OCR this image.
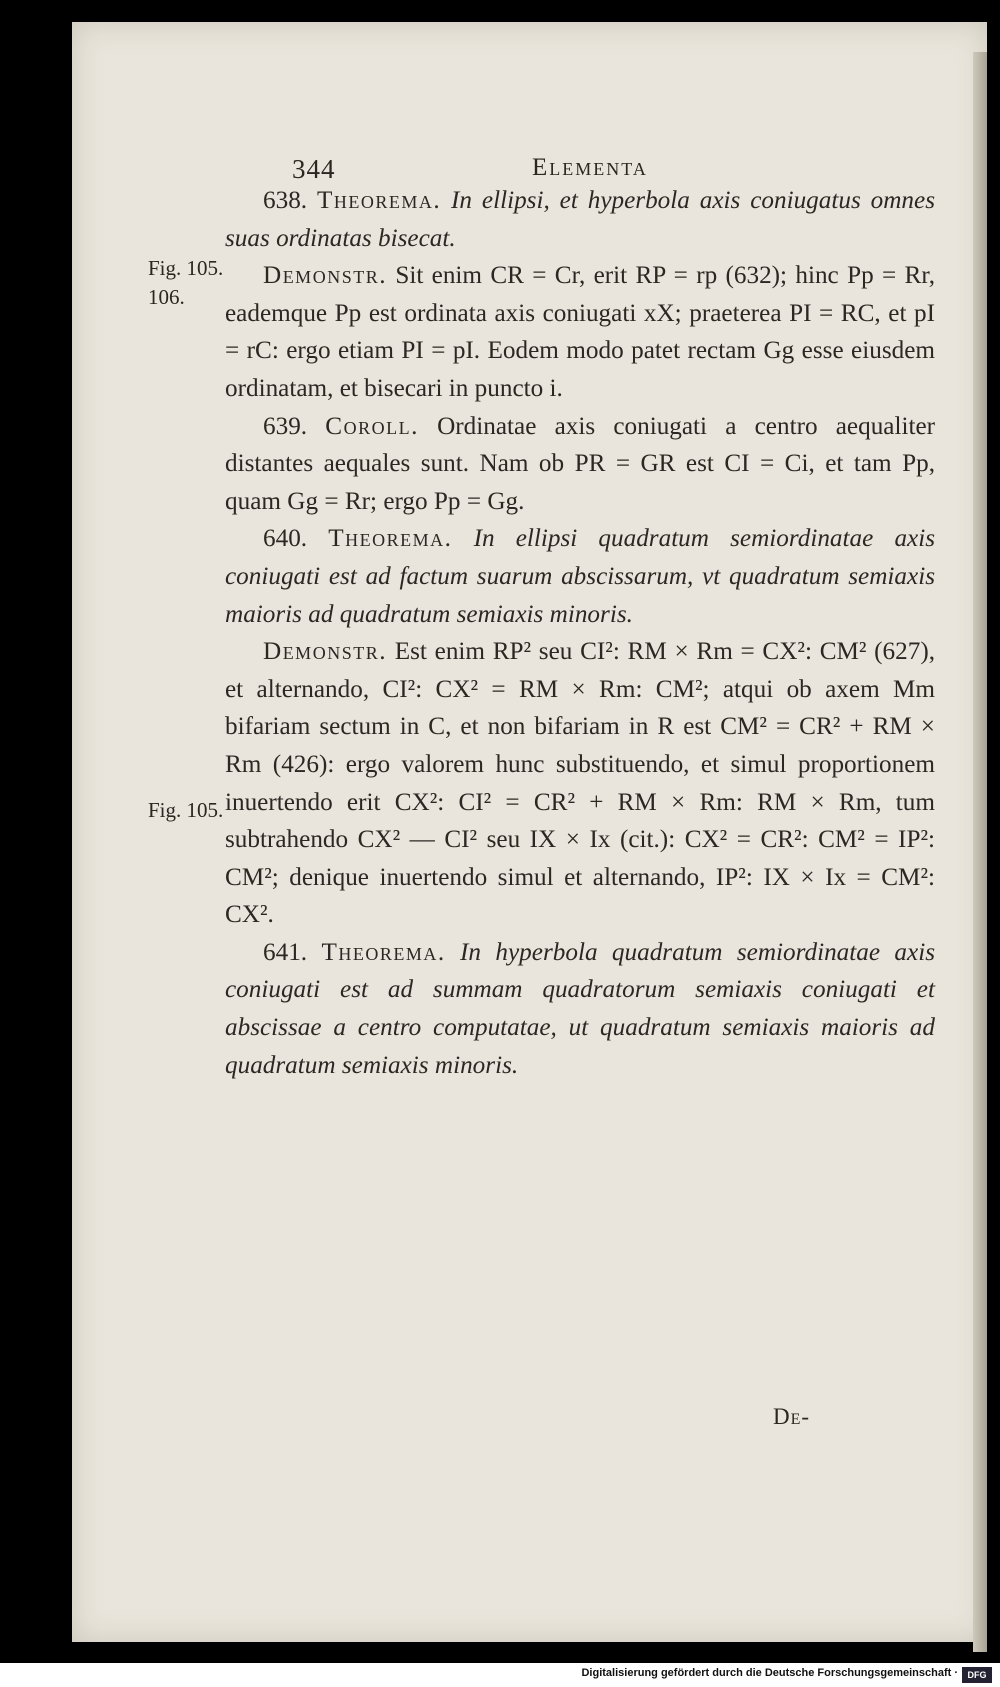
344	Elementa
Fig. 105.
106.
Fig. 105.

638. Theorema. In ellipsi, et hyperbola axis coniugatus omnes suas ordinatas bisecat.

Demonstr. Sit enim CR = Cr, erit RP = rp (632); hinc Pp = Rr, eademque Pp est ordinata axis coniugati xX; praeterea PI = RC, et pI = rC: ergo etiam PI = pI. Eodem modo patet rectam Gg esse eiusdem ordinatam, et bisecari in puncto i.

639. Coroll. Ordinatae axis coniugati a centro aequaliter distantes aequales sunt. Nam ob PR = GR est CI = Ci, et tam Pp, quam Gg = Rr; ergo Pp = Gg.

640. Theorema. In ellipsi quadratum semiordinatae axis coniugati est ad factum suarum abscissarum, vt quadratum semiaxis maioris ad quadratum semiaxis minoris.

Demonstr. Est enim RP² seu CI²: RM × Rm = CX²: CM² (627), et alternando, CI²: CX² = RM × Rm: CM²; atqui ob axem Mm bifariam sectum in C, et non bifariam in R est CM² = CR² + RM × Rm (426): ergo valorem hunc substituendo, et simul proportionem inuertendo erit CX²: CI² = CR² + RM × Rm: RM × Rm, tum subtrahendo CX² — CI² seu IX × Ix (cit.): CX² = CR²: CM² = IP²: CM²; denique inuertendo simul et alternando, IP²: IX × Ix = CM²: CX².

641. Theorema. In hyperbola quadratum semiordinatae axis coniugati est ad summam quadratorum semiaxis coniugati et abscissae a centro computatae, ut quadratum semiaxis maioris ad quadratum semiaxis minoris.

De-
Digitalisierung gefördert durch die Deutsche Forschungsgemeinschaft ·	DFG
